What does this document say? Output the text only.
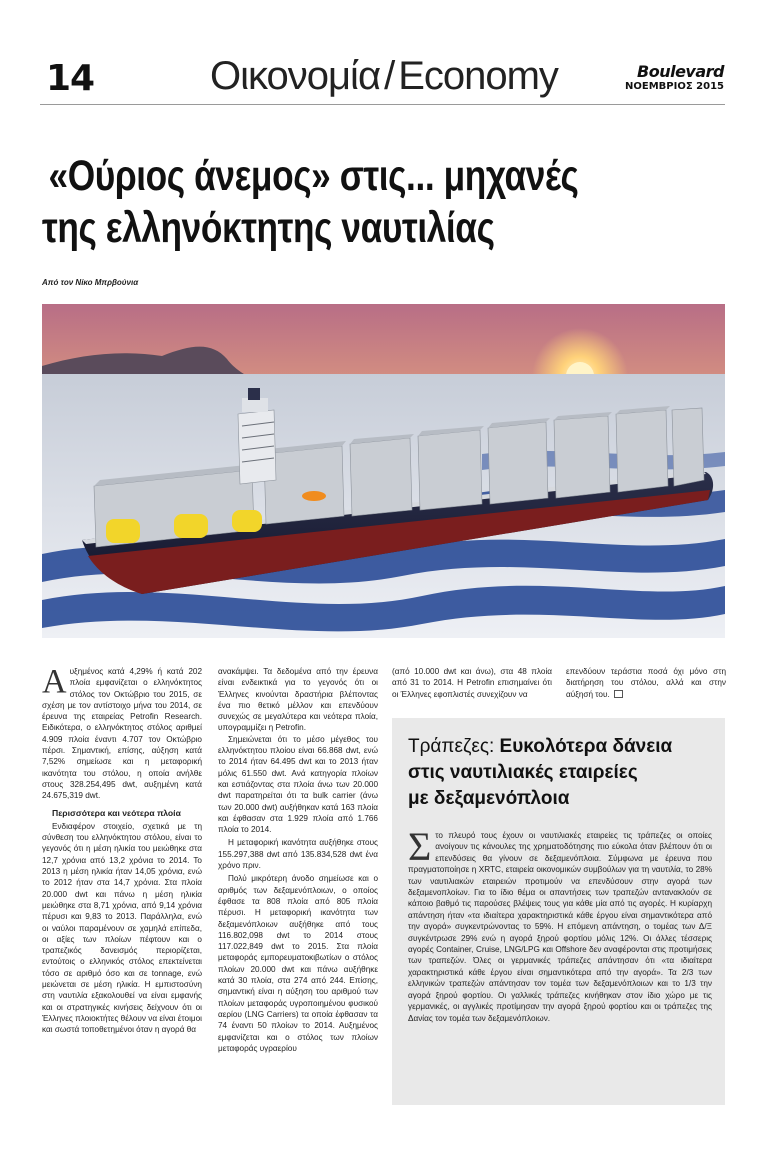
14	Οικονομία / Economy	Boulevard
ΝΟΕΜΒΡΙΟΣ 2015
«Ούριος άνεμος» στις... μηχανές
της ελληνόκτητης ναυτιλίας
Από τον Νίκο Μπρβούνια

Αυξημένος κατά 4,29% ή κατά 202 πλοία εμφανίζεται ο ελληνόκτητος στόλος τον Οκτώβριο του 2015, σε σχέση με τον αντίστοιχο μήνα του 2014, σε έρευνα της εταιρείας Petrofin Research. Ειδικότερα, ο ελληνόκτητος στόλος αριθμεί 4.909 πλοία έναντι 4.707 τον Οκτώβριο πέρσι. Σημαντική, επίσης, αύξηση κατά 7,52% σημείωσε και η μεταφορική ικανότητα του στόλου, η οποία ανήλθε στους 328.254,495 dwt, αυξημένη κατά 24.675,319 dwt.

Περισσότερα και νεότερα πλοία

Ενδιαφέρον στοιχείο, σχετικά με τη σύνθεση του ελληνόκτητου στόλου, είναι το γεγονός ότι η μέση ηλικία του μειώθηκε στα 12,7 χρόνια από 13,2 χρόνια το 2014. Το 2013 η μέση ηλικία ήταν 14,05 χρόνια, ενώ το 2012 ήταν στα 14,7 χρόνια. Στα πλοία 20.000 dwt και πάνω η μέση ηλικία μειώθηκε στα 8,71 χρόνια, από 9,14 χρόνια πέρυσι και 9,83 το 2013. Παράλληλα, ενώ οι ναύλοι παραμένουν σε χαμηλά επίπεδα, οι αξίες των πλοίων πέφτουν και ο τραπεζικός δανεισμός περιορίζεται, εντούτοις ο ελληνικός στόλος επεκτείνεται τόσο σε αριθμό όσο και σε tonnage, ενώ μειώνεται σε μέση ηλικία. Η εμπιστοσύνη στη ναυτιλία εξακολουθεί να είναι εμφανής και οι στρατηγικές κινήσεις δείχνουν ότι οι Έλληνες πλοιοκτήτες θέλουν να είναι έτοιμοι και σωστά τοποθετημένοι όταν η αγορά θα

ανακάμψει. Τα δεδομένα από την έρευνα είναι ενδεικτικά για το γεγονός ότι οι Έλληνες κινούνται δραστήρια βλέποντας ένα πιο θετικό μέλλον και επενδύουν συνεχώς σε μεγαλύτερα και νεότερα πλοία, υπογραμμίζει η Petrofin.

Σημειώνεται ότι το μέσο μέγεθος του ελληνόκτητου πλοίου είναι 66.868 dwt, ενώ το 2014 ήταν 64.495 dwt και το 2013 ήταν μόλις 61.550 dwt. Ανά κατηγορία πλοίων και εστιάζοντας στα πλοία άνω των 20.000 dwt παρατηρείται ότι τα bulk carrier (άνω των 20.000 dwt) αυξήθηκαν κατά 163 πλοία και έφθασαν στα 1.929 πλοία από 1.766 πλοία το 2014.

Η μεταφορική ικανότητα αυξήθηκε στους 155.297,388 dwt από 135.834,528 dwt ένα χρόνο πριν.

Πολύ μικρότερη άνοδο σημείωσε και ο αριθμός των δεξαμενόπλοιων, ο οποίος έφθασε τα 808 πλοία από 805 πλοία πέρυσι. Η μεταφορική ικανότητα των δεξαμενόπλοιων αυξήθηκε από τους 116.802,098 dwt το 2014 στους 117.022,849 dwt το 2015. Στα πλοία μεταφοράς εμπορευματοκιβωτίων ο στόλος πλοίων 20.000 dwt και πάνω αυξήθηκε κατά 30 πλοία, στα 274 από 244. Επίσης, σημαντική είναι η αύξηση του αριθμού των πλοίων μεταφοράς υγροποιημένου φυσικού αερίου (LNG Carriers) τα οποία έφθασαν τα 74 έναντι 50 πλοίων το 2014. Αυξημένος εμφανίζεται και ο στόλος των πλοίων μεταφοράς υγραερίου

(από 10.000 dwt και άνω), στα 48 πλοία από 31 το 2014. Η Petrofin επισημαίνει ότι οι Έλληνες εφοπλιστές συνεχίζουν να

επενδύουν τεράστια ποσά όχι μόνο στη διατήρηση του στόλου, αλλά και στην αύξησή του.

Τράπεζες: Ευκολότερα δάνεια
στις ναυτιλιακές εταιρείες
με δεξαμενόπλοια
Στο πλευρό τους έχουν οι ναυτιλιακές εταιρείες τις τράπεζες οι οποίες ανοίγουν τις κάνουλες της χρηματοδότησης πιο εύκολα όταν βλέπουν ότι οι επενδύσεις θα γίνουν σε δεξαμενόπλοια. Σύμφωνα με έρευνα που πραγματοποίησε η XRTC, εταιρεία οικονομικών συμβούλων για τη ναυτιλία, το 28% των ναυτιλιακών εταιρειών προτιμούν να επενδύσουν στην αγορά των δεξαμενοπλοίων. Για το ίδιο θέμα οι απαντήσεις των τραπεζών αντανακλούν σε κάποιο βαθμό τις παρούσες βλέψεις τους για κάθε μία από τις αγορές. Η κυρίαρχη απάντηση ήταν «τα ιδιαίτερα χαρακτηριστικά κάθε έργου είναι σημαντικότερα από την αγορά» συγκεντρώνοντας το 59%. Η επόμενη απάντηση, ο τομέας των Δ/Ξ συγκέντρωσε 29% ενώ η αγορά ξηρού φορτίου μόλις 12%. Οι άλλες τέσσερις αγορές Container, Cruise, LNG/LPG και Offshore δεν αναφέρονται στις προτιμήσεις των τραπεζών. Όλες οι γερμανικές τράπεζες απάντησαν ότι «τα ιδιαίτερα χαρακτηριστικά κάθε έργου είναι σημαντικότερα από την αγορά». Τα 2/3 των ελληνικών τραπεζών απάντησαν τον τομέα των δεξαμενόπλοιων και το 1/3 την αγορά ξηρού φορτίου. Οι γαλλικές τράπεζες κινήθηκαν στον ίδιο χώρο με τις γερμανικές, οι αγγλικές προτίμησαν την αγορά ξηρού φορτίου και οι τράπεζες της Δανίας τον τομέα των δεξαμενόπλοιων.
